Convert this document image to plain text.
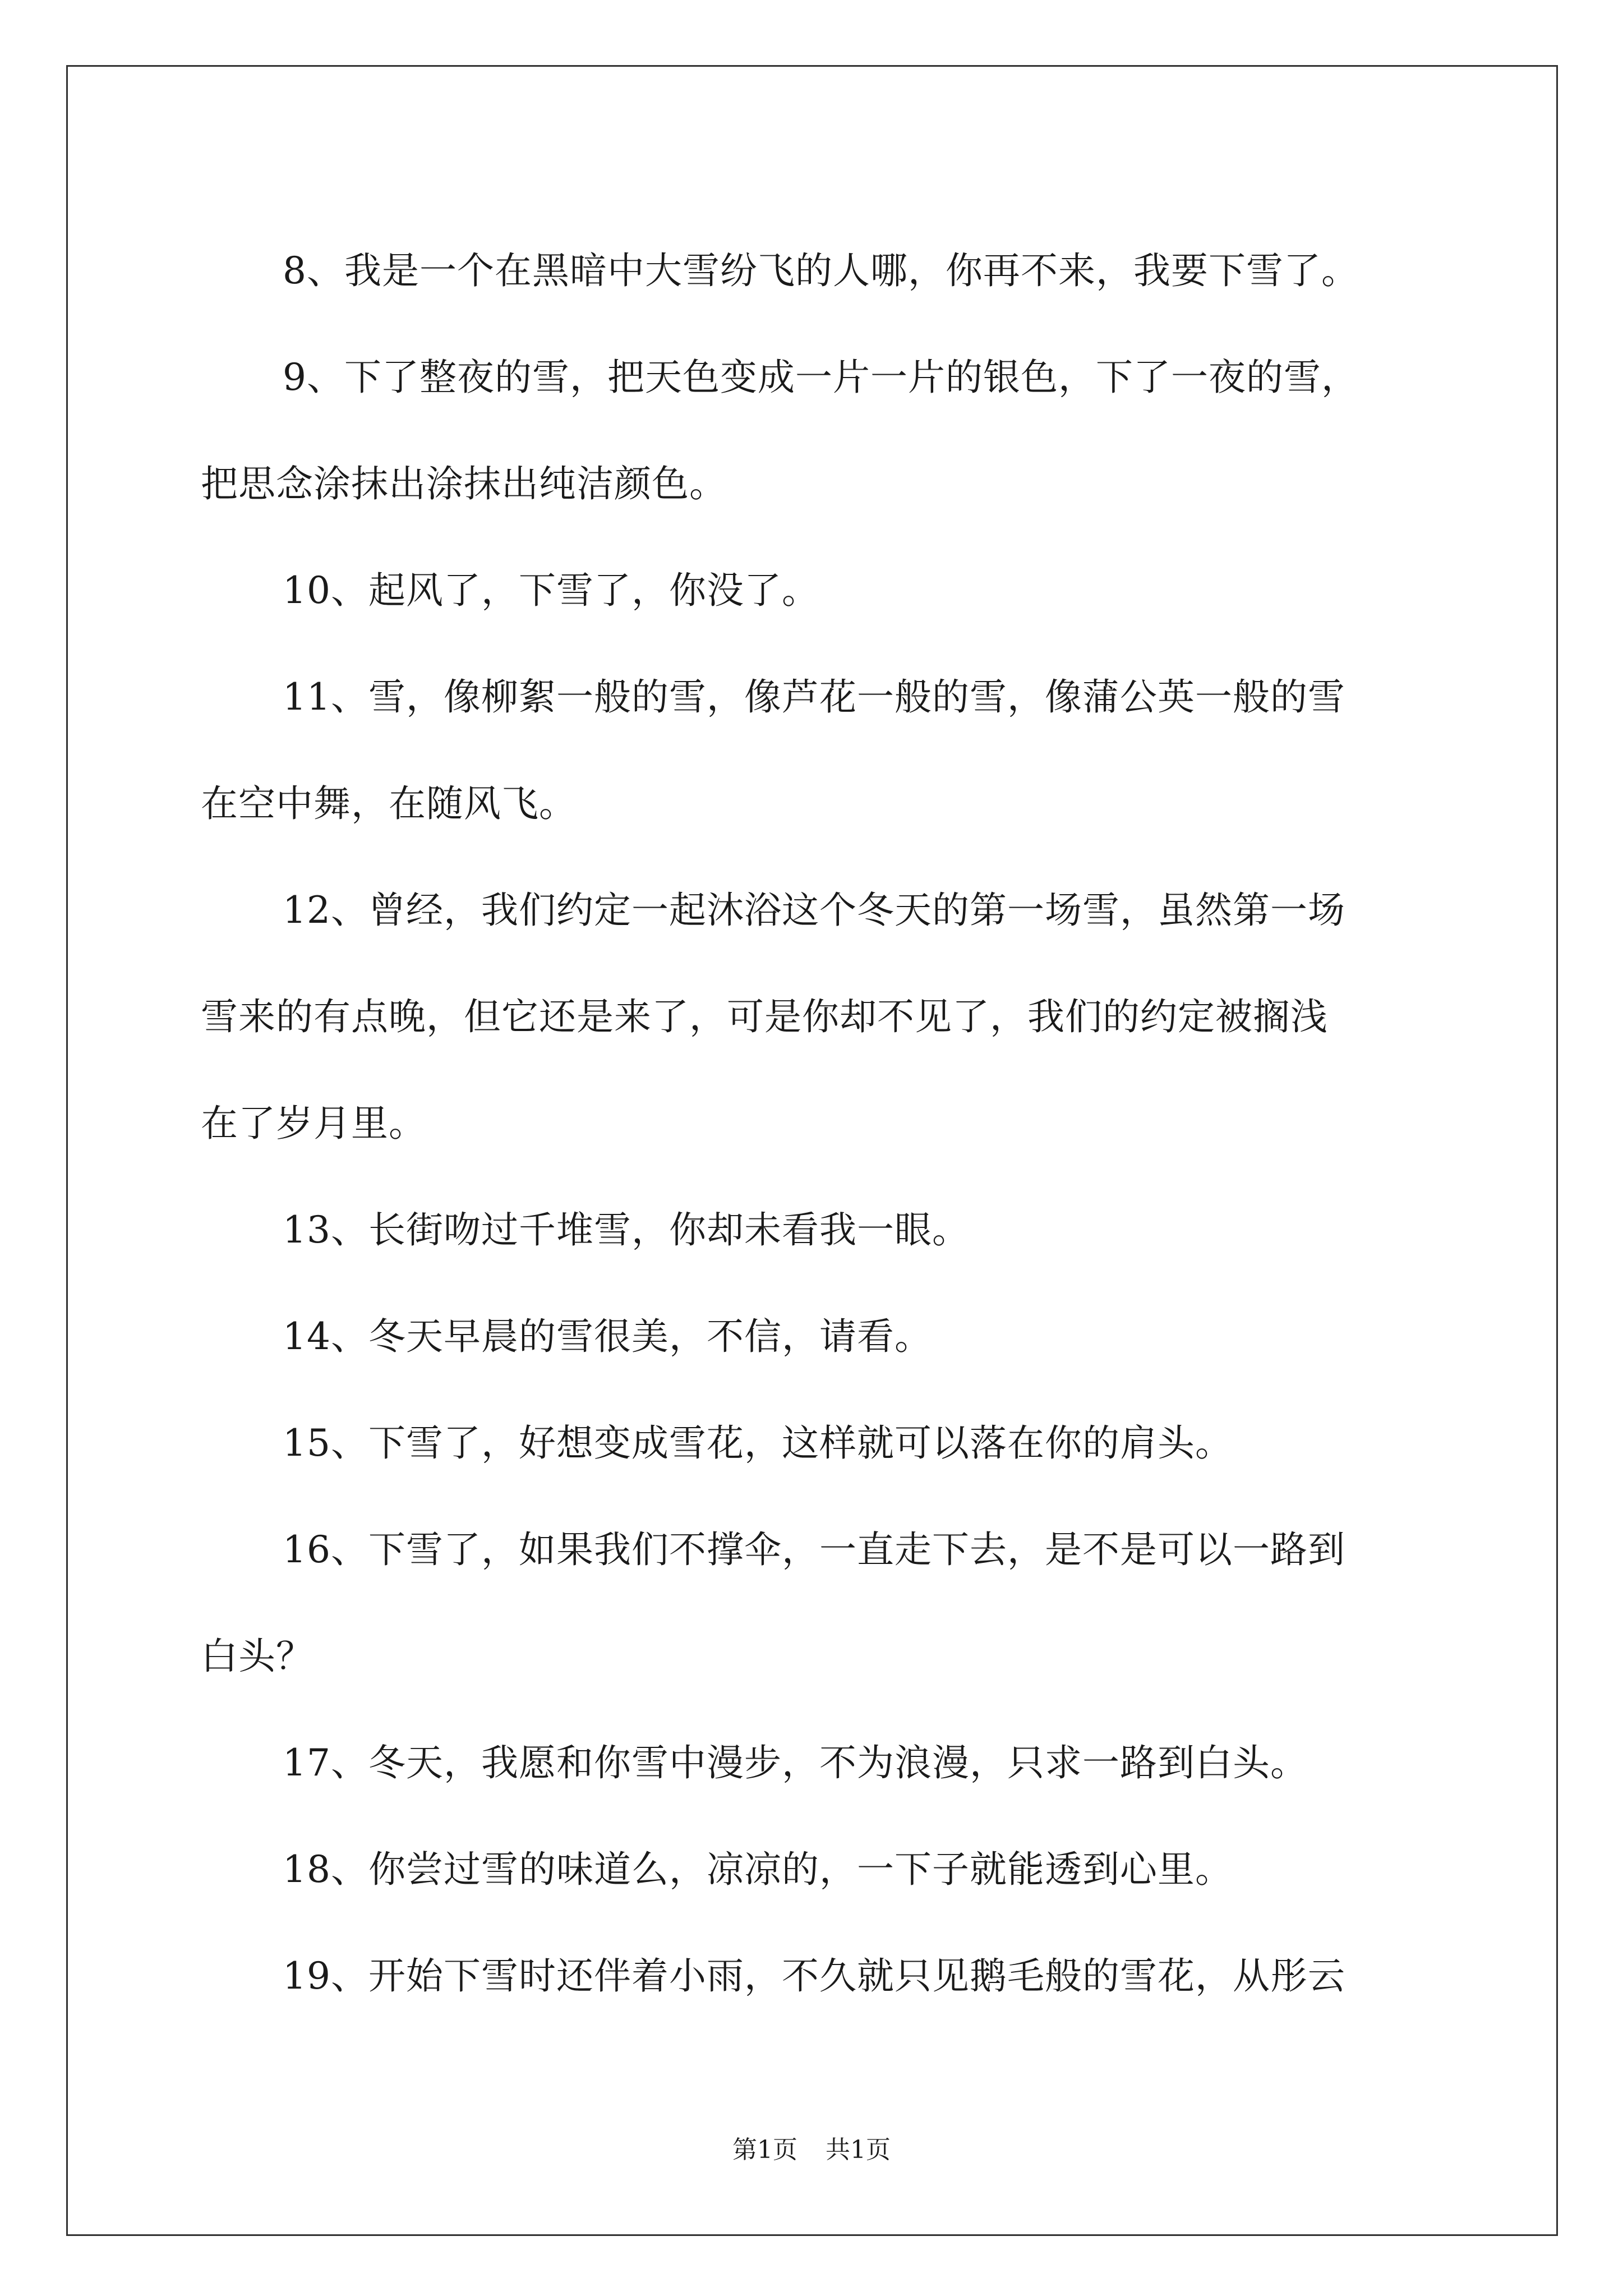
8、我是一个在黑暗中大雪纷飞的人哪，你再不来，我要下雪了。

9、下了整夜的雪，把天色变成一片一片的银色，下了一夜的雪，

把思念涂抹出涂抹出纯洁颜色。

10、起风了，下雪了，你没了。

11、雪，像柳絮一般的雪，像芦花一般的雪，像蒲公英一般的雪

在空中舞，在随风飞。

12、曾经，我们约定一起沐浴这个冬天的第一场雪，虽然第一场

雪来的有点晚，但它还是来了，可是你却不见了，我们的约定被搁浅

在了岁月里。

13、长街吻过千堆雪，你却未看我一眼。

14、冬天早晨的雪很美，不信，请看。

15、下雪了，好想变成雪花，这样就可以落在你的肩头。

16、下雪了，如果我们不撑伞，一直走下去，是不是可以一路到

白头？

17、冬天，我愿和你雪中漫步，不为浪漫，只求一路到白头。

18、你尝过雪的味道么，凉凉的，一下子就能透到心里。

19、开始下雪时还伴着小雨，不久就只见鹅毛般的雪花，从彤云

第1页 共1页
